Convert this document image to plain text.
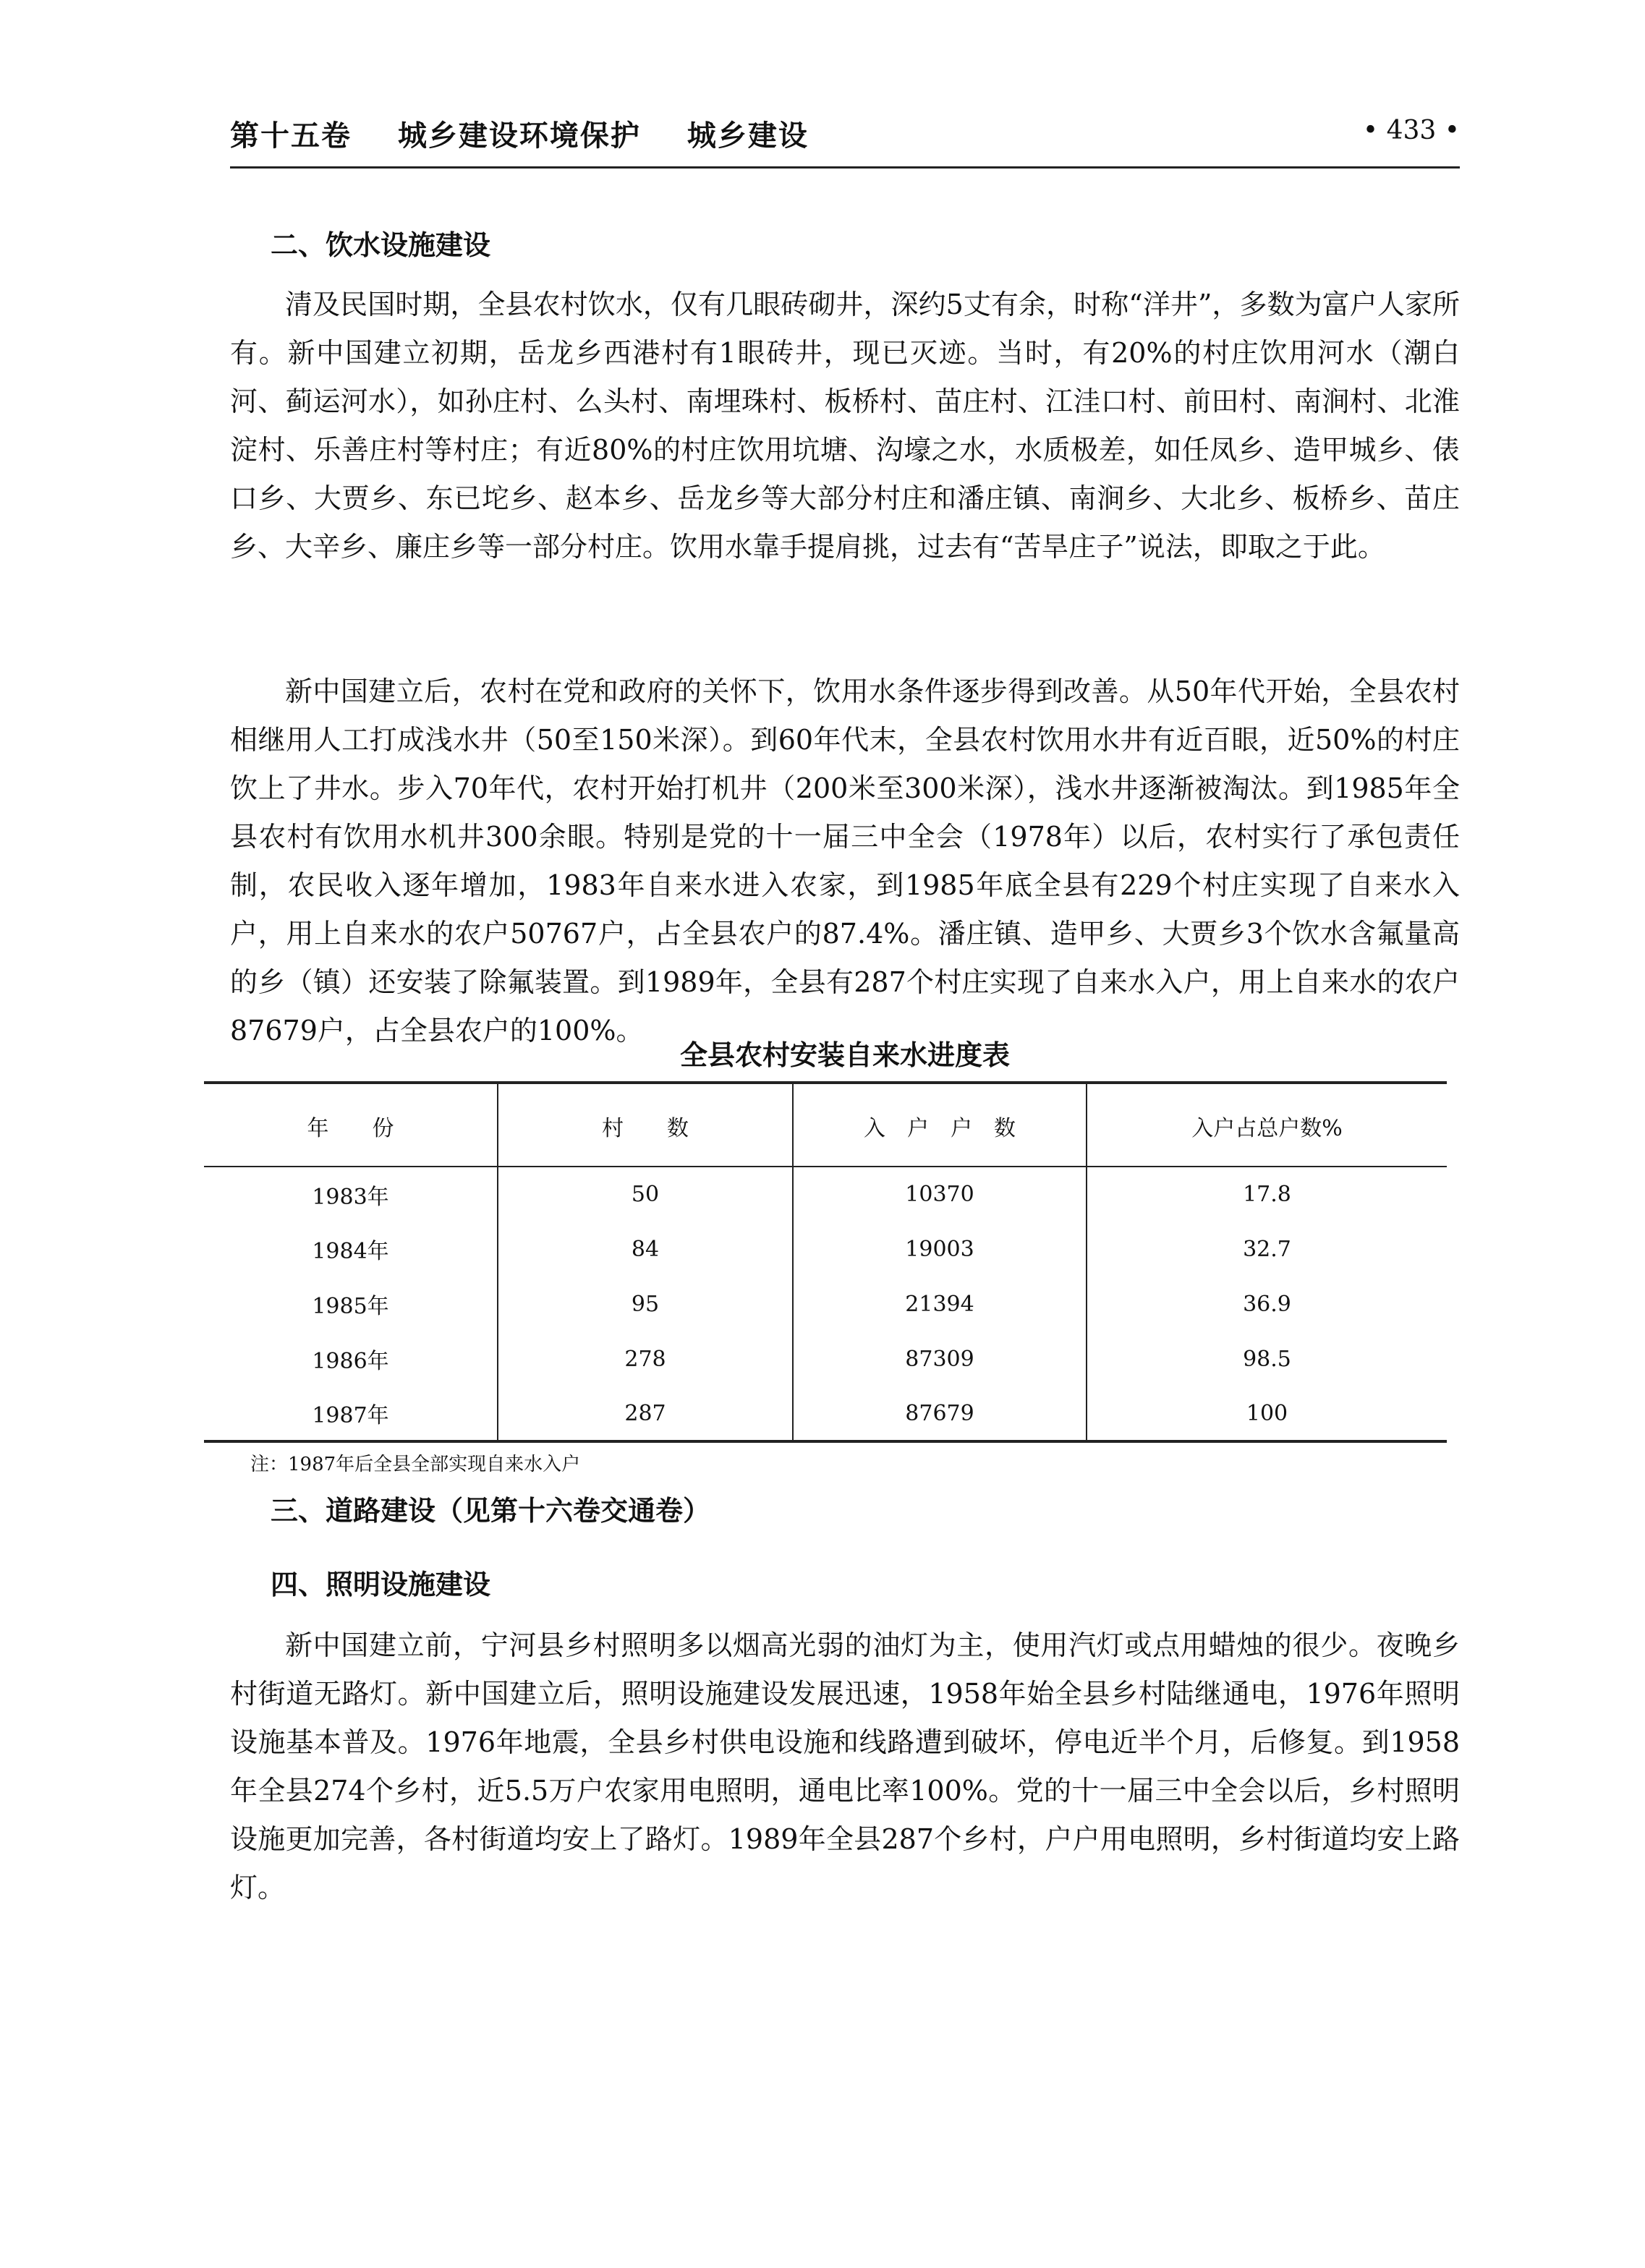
第十五卷 城乡建设环境保护 城乡建设	• 433 •
二、饮水设施建设

清及民国时期，全县农村饮水，仅有几眼砖砌井，深约5丈有余，时称“洋井”，多数为富户人家所有。新中国建立初期，岳龙乡西港村有1眼砖井，现已灭迹。当时，有20%的村庄饮用河水（潮白河、蓟运河水），如孙庄村、么头村、南埋珠村、板桥村、苗庄村、江洼口村、前田村、南涧村、北淮淀村、乐善庄村等村庄；有近80%的村庄饮用坑塘、沟壕之水，水质极差，如任凤乡、造甲城乡、俵口乡、大贾乡、东已坨乡、赵本乡、岳龙乡等大部分村庄和潘庄镇、南涧乡、大北乡、板桥乡、苗庄乡、大辛乡、廉庄乡等一部分村庄。饮用水靠手提肩挑，过去有“苦旱庄子”说法，即取之于此。

新中国建立后，农村在党和政府的关怀下，饮用水条件逐步得到改善。从50年代开始，全县农村相继用人工打成浅水井（50至150米深）。到60年代末，全县农村饮用水井有近百眼，近50%的村庄饮上了井水。步入70年代，农村开始打机井（200米至300米深），浅水井逐渐被淘汰。到1985年全县农村有饮用水机井300余眼。特别是党的十一届三中全会（1978年）以后，农村实行了承包责任制，农民收入逐年增加，1983年自来水进入农家，到1985年底全县有229个村庄实现了自来水入户，用上自来水的农户50767户，占全县农户的87.4%。潘庄镇、造甲乡、大贾乡3个饮水含氟量高的乡（镇）还安装了除氟装置。到1989年，全县有287个村庄实现了自来水入户，用上自来水的农户87679户，占全县农户的100%。

全县农村安装自来水进度表
年　　份	村　　数	入　户　户　数	入户占总户数%
1983年	50	10370	17.8
1984年	84	19003	32.7
1985年	95	21394	36.9
1986年	278	87309	98.5
1987年	287	87679	100
注：1987年后全县全部实现自来水入户
三、道路建设（见第十六卷交通卷）
四、照明设施建设

新中国建立前，宁河县乡村照明多以烟高光弱的油灯为主，使用汽灯或点用蜡烛的很少。夜晚乡村街道无路灯。新中国建立后，照明设施建设发展迅速，1958年始全县乡村陆继通电，1976年照明设施基本普及。1976年地震，全县乡村供电设施和线路遭到破坏，停电近半个月，后修复。到1958年全县274个乡村，近5.5万户农家用电照明，通电比率100%。党的十一届三中全会以后，乡村照明设施更加完善，各村街道均安上了路灯。1989年全县287个乡村，户户用电照明，乡村街道均安上路灯。
